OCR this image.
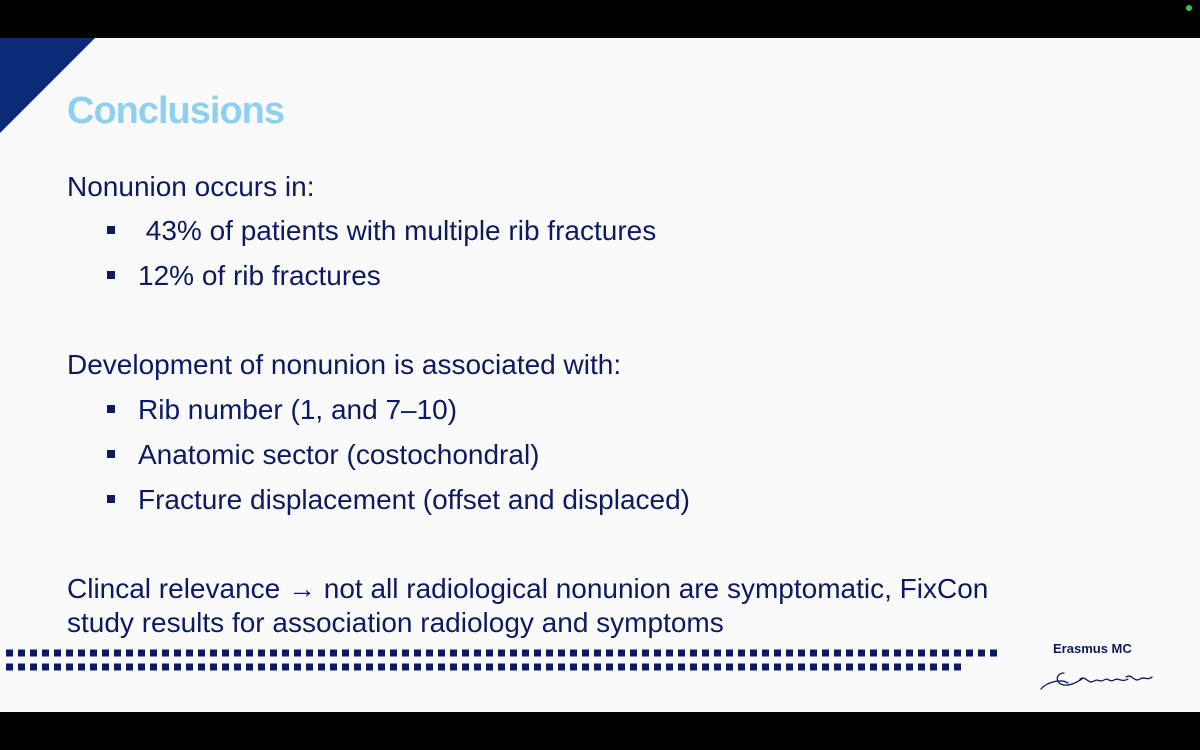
Conclusions
Nonunion occurs in:
43% of patients with multiple rib fractures
12% of rib fractures
Development of nonunion is associated with:
Rib number (1, and 7–10)
Anatomic sector (costochondral)
Fracture displacement (offset and displaced)
Clincal relevance → not all radiological nonunion are symptomatic, FixCon
study results for association radiology and symptoms
Erasmus MC
